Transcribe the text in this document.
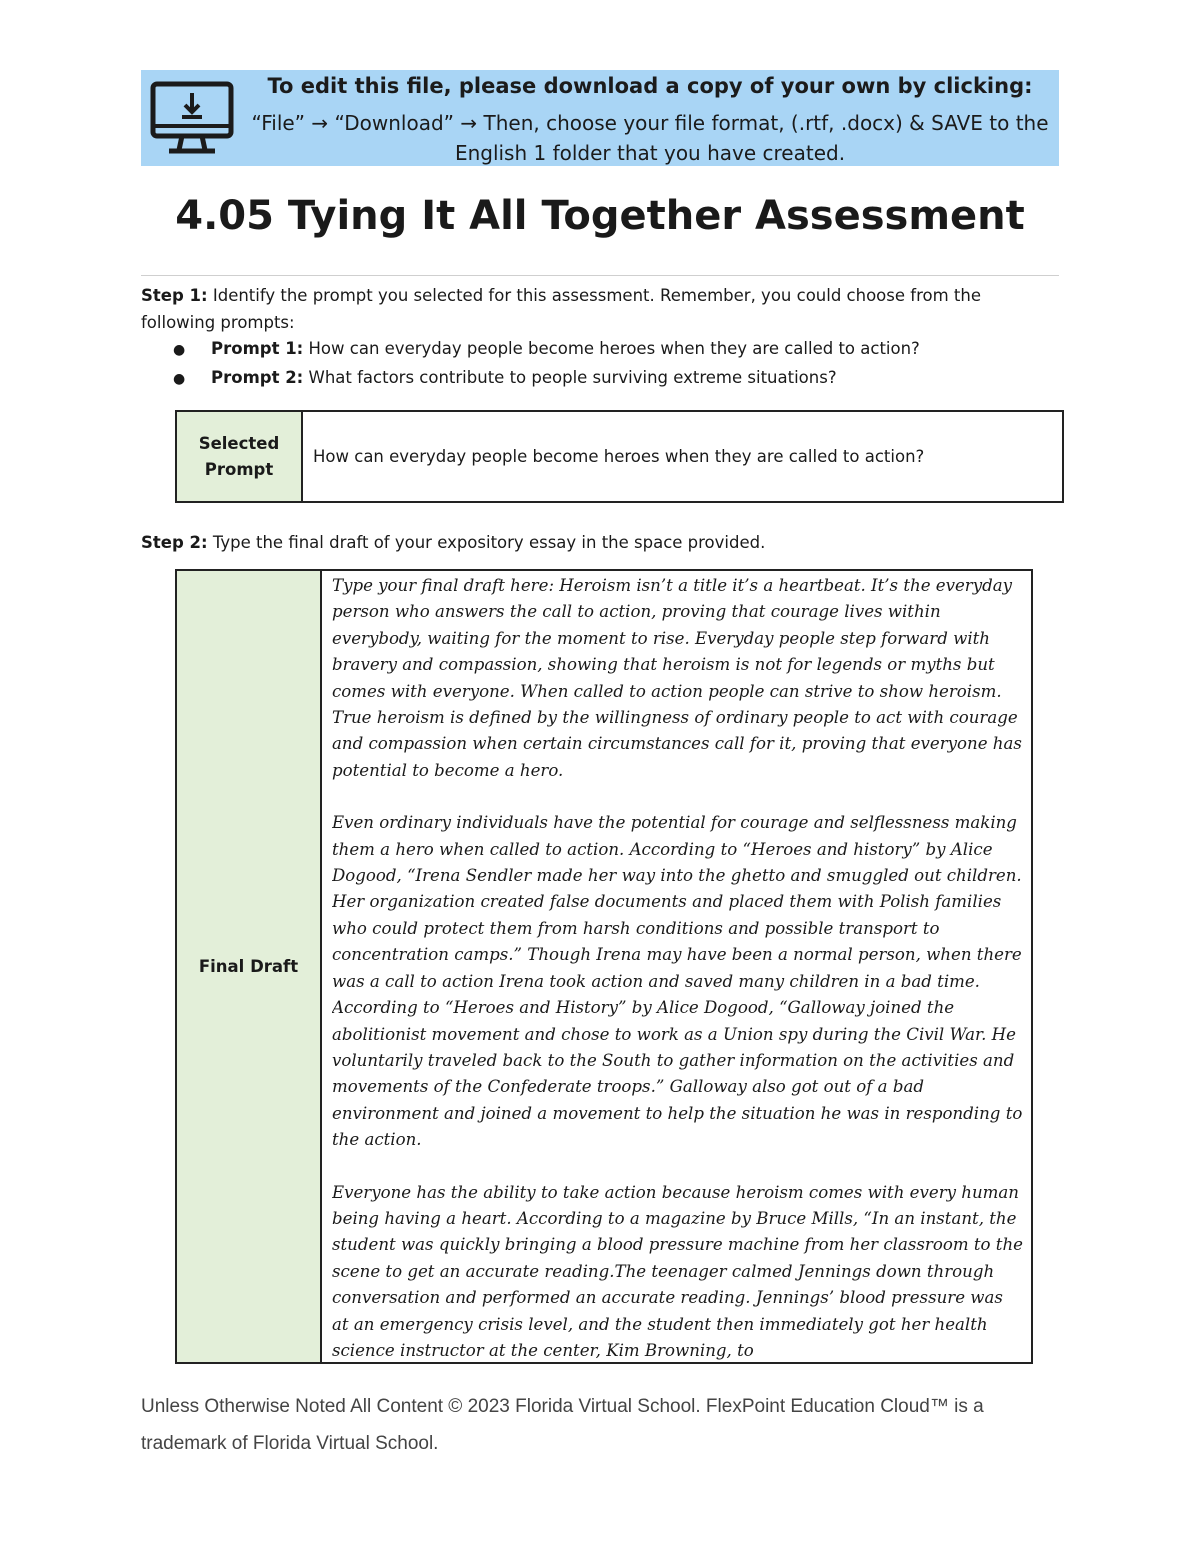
To edit this file, please download a copy of your own by clicking:
“File” → “Download” → Then, choose your file format, (.rtf, .docx) & SAVE to the English 1 folder that you have created.
4.05 Tying It All Together Assessment
Step 1: Identify the prompt you selected for this assessment. Remember, you could choose from the following prompts:
●	Prompt 1: How can everyday people become heroes when they are called to action?
●	Prompt 2: What factors contribute to people surviving extreme situations?
Selected
Prompt
	How can everyday people become heroes when they are called to action?
Step 2: Type the final draft of your expository essay in the space provided.
Final Draft	

Type your final draft here: Heroism isn’t a title it’s a heartbeat. It’s the everyday person who answers the call to action, proving that courage lives within everybody, waiting for the moment to rise. Everyday people step forward with bravery and compassion, showing that heroism is not for legends or myths but comes with everyone. When called to action people can strive to show heroism. True heroism is defined by the willingness of ordinary people to act with courage and compassion when certain circumstances call for it, proving that everyone has potential to become a hero.

Even ordinary individuals have the potential for courage and selflessness making them a hero when called to action. According to “Heroes and history” by Alice Dogood, “Irena Sendler made her way into the ghetto and smuggled out children. Her organization created false documents and placed them with Polish families who could protect them from harsh conditions and possible transport to concentration camps.” Though Irena may have been a normal person, when there was a call to action Irena took action and saved many children in a bad time. According to “Heroes and History” by Alice Dogood, “Galloway joined the abolitionist movement and chose to work as a Union spy during the Civil War. He voluntarily traveled back to the South to gather information on the activities and movements of the Confederate troops.” Galloway also got out of a bad environment and joined a movement to help the situation he was in responding to the action.

Everyone has the ability to take action because heroism comes with every human being having a heart. According to a magazine by Bruce Mills, “In an instant, the student was quickly bringing a blood pressure machine from her classroom to the scene to get an accurate reading.The teenager calmed Jennings down through conversation and performed an accurate reading. Jennings’ blood pressure was at an emergency crisis level, and the student then immediately got her health science instructor at the center, Kim Browning, to

Unless Otherwise Noted All Content © 2023 Florida Virtual School. FlexPoint Education Cloud™ is a trademark of Florida Virtual School.
